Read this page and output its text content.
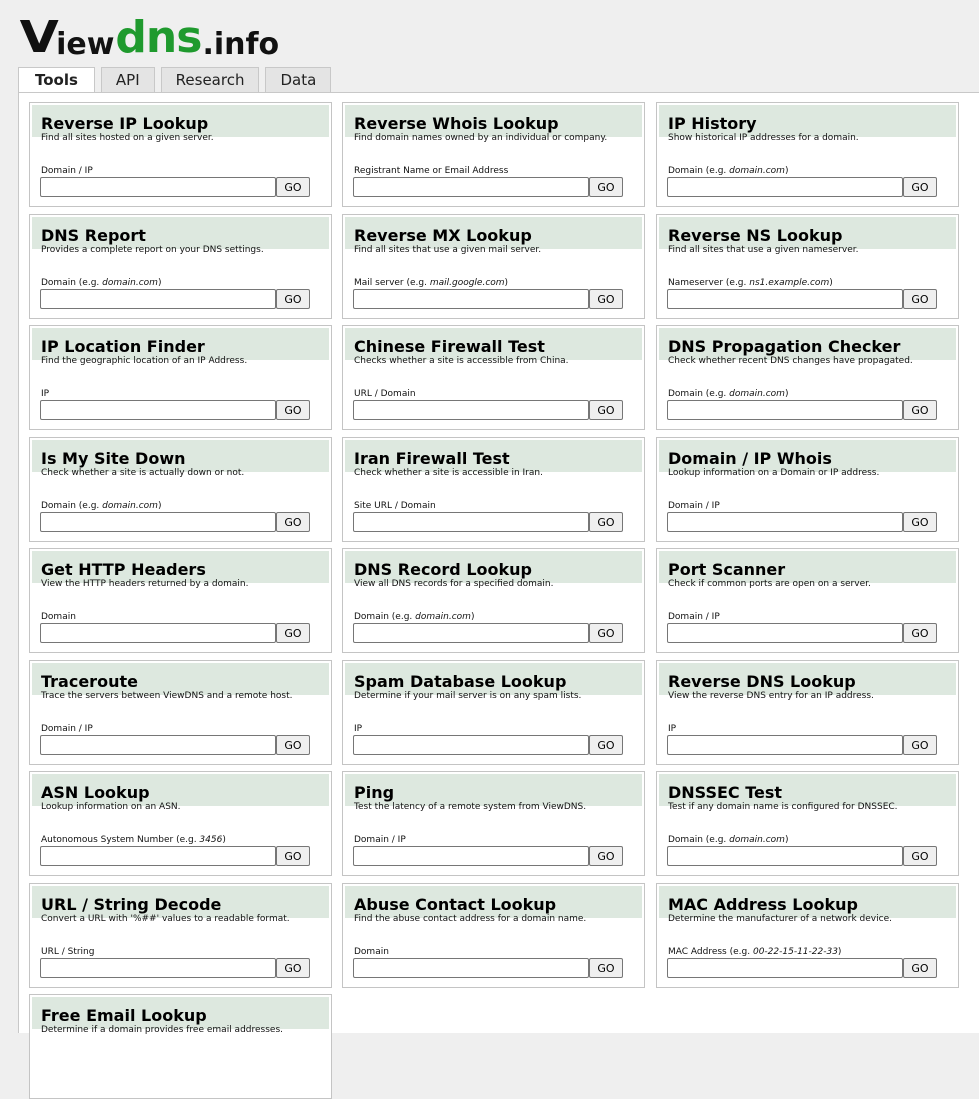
V iew dns .info
Tools	API	Research	Data
Reverse IP Lookup
Find all sites hosted on a given server.
Domain / IP
GO
Reverse Whois Lookup
Find domain names owned by an individual or company.
Registrant Name or Email Address
GO
IP History
Show historical IP addresses for a domain.
Domain (e.g. domain.com)
GO
DNS Report
Provides a complete report on your DNS settings.
Domain (e.g. domain.com)
GO
Reverse MX Lookup
Find all sites that use a given mail server.
Mail server (e.g. mail.google.com)
GO
Reverse NS Lookup
Find all sites that use a given nameserver.
Nameserver (e.g. ns1.example.com)
GO
IP Location Finder
Find the geographic location of an IP Address.
IP
GO
Chinese Firewall Test
Checks whether a site is accessible from China.
URL / Domain
GO
DNS Propagation Checker
Check whether recent DNS changes have propagated.
Domain (e.g. domain.com)
GO
Is My Site Down
Check whether a site is actually down or not.
Domain (e.g. domain.com)
GO
Iran Firewall Test
Check whether a site is accessible in Iran.
Site URL / Domain
GO
Domain / IP Whois
Lookup information on a Domain or IP address.
Domain / IP
GO
Get HTTP Headers
View the HTTP headers returned by a domain.
Domain
GO
DNS Record Lookup
View all DNS records for a specified domain.
Domain (e.g. domain.com)
GO
Port Scanner
Check if common ports are open on a server.
Domain / IP
GO
Traceroute
Trace the servers between ViewDNS and a remote host.
Domain / IP
GO
Spam Database Lookup
Determine if your mail server is on any spam lists.
IP
GO
Reverse DNS Lookup
View the reverse DNS entry for an IP address.
IP
GO
ASN Lookup
Lookup information on an ASN.
Autonomous System Number (e.g. 3456)
GO
Ping
Test the latency of a remote system from ViewDNS.
Domain / IP
GO
DNSSEC Test
Test if any domain name is configured for DNSSEC.
Domain (e.g. domain.com)
GO
URL / String Decode
Convert a URL with '%##' values to a readable format.
URL / String
GO
Abuse Contact Lookup
Find the abuse contact address for a domain name.
Domain
GO
MAC Address Lookup
Determine the manufacturer of a network device.
MAC Address (e.g. 00-22-15-11-22-33)
GO
Free Email Lookup
Determine if a domain provides free email addresses.
